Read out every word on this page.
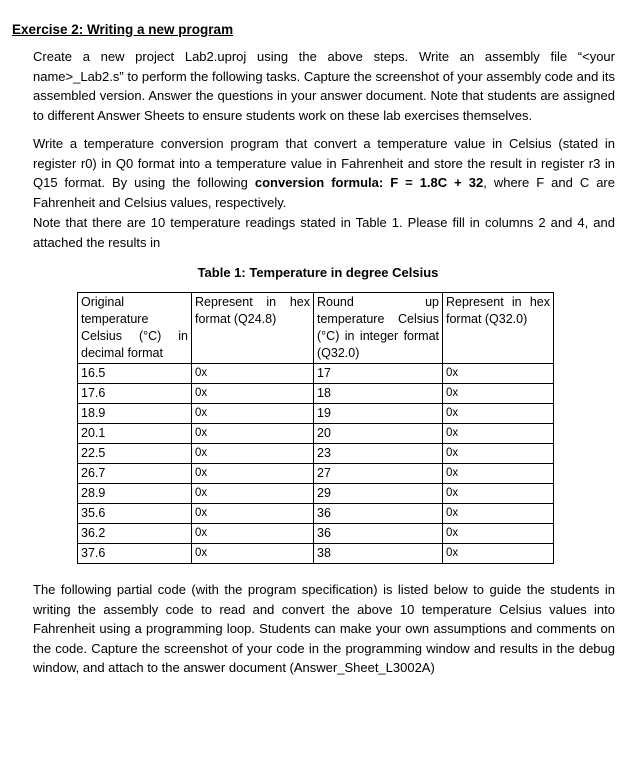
Exercise 2: Writing a new program
Create a new project Lab2.uproj using the above steps. Write an assembly file “<your name>_Lab2.s” to perform the following tasks. Capture the screenshot of your assembly code and its assembled version. Answer the questions in your answer document. Note that students are assigned to different Answer Sheets to ensure students work on these lab exercises themselves.
Write a temperature conversion program that convert a temperature value in Celsius (stated in register r0) in Q0 format into a temperature value in Fahrenheit and store the result in register r3 in Q15 format. By using the following conversion formula: F = 1.8C + 32, where F and C are Fahrenheit and Celsius values, respectively.
Note that there are 10 temperature readings stated in Table 1. Please fill in columns 2 and 4, and attached the results in
Table 1: Temperature in degree Celsius
Original temperature Celsius (°C) in decimal format	Represent in hex format (Q24.8)	Round up temperature Celsius (°C) in integer format (Q32.0)	Represent in hex format (Q32.0)
16.5	0x	17	0x
17.6	0x	18	0x
18.9	0x	19	0x
20.1	0x	20	0x
22.5	0x	23	0x
26.7	0x	27	0x
28.9	0x	29	0x
35.6	0x	36	0x
36.2	0x	36	0x
37.6	0x	38	0x
The following partial code (with the program specification) is listed below to guide the students in writing the assembly code to read and convert the above 10 temperature Celsius values into Fahrenheit using a programming loop. Students can make your own assumptions and comments on the code. Capture the screenshot of your code in the programming window and results in the debug window, and attach to the answer document (Answer_Sheet_L3002A)
